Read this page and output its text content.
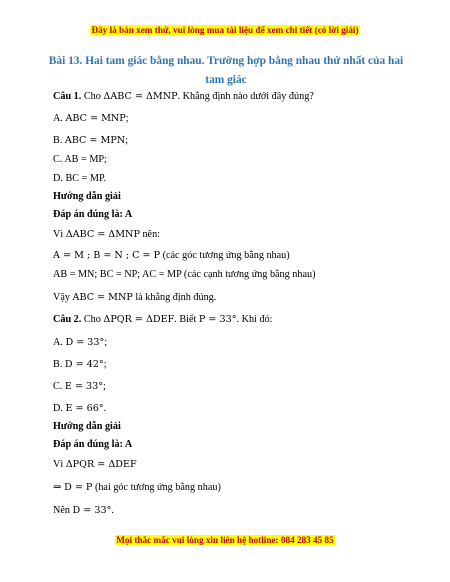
Đây là bản xem thử, vui lòng mua tài liệu để xem chi tiết (có lời giải)
Bài 13. Hai tam giác bằng nhau. Trường hợp bằng nhau thứ nhất của hai
tam giác
Câu 1. Cho ΔABC = ΔMNP. Khẳng định nào dưới đây đúng?
A. ABC = MNP;
B. ABC = MPN;
C. AB = MP;
D. BC = MP.
Hướng dẫn giải
Đáp án đúng là: A
Vì ΔABC = ΔMNP nên:
A = M ; B = N ; C = P (các góc tương ứng bằng nhau)
AB = MN; BC = NP; AC = MP (các cạnh tương ứng bằng nhau)
Vậy ABC = MNP là khẳng định đúng.
Câu 2. Cho ΔPQR = ΔDEF. Biết P = 33°. Khi đó:
A. D = 33°;
B. D = 42°;
C. E = 33°;
D. E = 66°.
Hướng dẫn giải
Đáp án đúng là: A
Vì ΔPQR = ΔDEF
⇒ D = P (hai góc tương ứng bằng nhau)
Nên D = 33°.
Mọi thắc mắc vui lòng xin liên hệ hotline: 084 283 45 85
